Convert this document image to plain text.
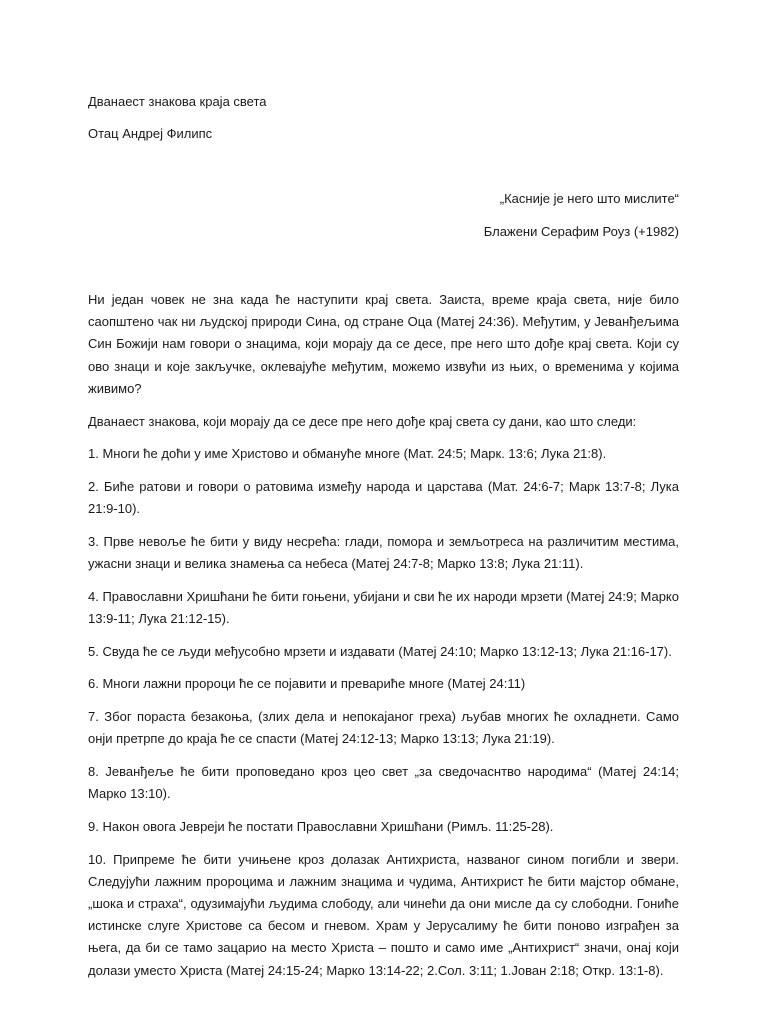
Дванаест знакова краја света
Отац Андреј Филипс
„Касније је него што мислите“
Блажени Серафим Роуз (+1982)

Ни један човек не зна када ће наступити крај света. Заиста, време краја света, није било саопштено чак ни људској природи Сина, од стране Оца (Матеј 24:36). Међутим, у Јеванђељима Син Божији нам говори о знацима, који морају да се десе, пре него што дође крај света. Који су ово знаци и које закључке, оклевајуће међутим, можемо извући из њих, о временима у којима живимо?

Дванаест знакова, који морају да се десе пре него дође крај света су дани, као што следи:

1. Многи ће доћи у име Христово и обмануће многе (Мат. 24:5; Марк. 13:6; Лука 21:8).

2. Биће ратови и говори о ратовима између народа и царстава (Мат. 24:6-7; Марк 13:7-8; Лука 21:9-10).

3. Прве невоље ће бити у виду несрећа: глади, помора и земљотреса на различитим местима, ужасни знаци и велика знамења са небеса (Матеј 24:7-8; Марко 13:8; Лука 21:11).

4. Православни Хришћани ће бити гоњени, убијани и сви ће их народи мрзети (Матеј 24:9; Марко 13:9-11; Лука 21:12-15).

5. Свуда ће се људи међусобно мрзети и издавати (Матеј 24:10; Марко 13:12-13; Лука 21:16-17).

6. Многи лажни пророци ће се појавити и превариће многе (Матеј 24:11)

7. Због пораста безакоња, (злих дела и непокајаног греха) љубав многих ће охладнети. Само онји претрпе до краја ће се спасти (Матеј 24:12-13; Марко 13:13; Лука 21:19).

8. Јеванђеље ће бити проповедано кроз цео свет „за сведочаснтво народима“ (Матеј 24:14; Марко 13:10).

9. Након овога Јевреји ће постати Православни Хришћани (Римљ. 11:25-28).

10. Припреме ће бити учињене кроз долазак Антихриста, названог сином погибли и звери. Следујући лажним пророцима и лажним знацима и чудима, Антихрист ће бити мајстор обмане, „шока и страха“, одузимајући људима слободу, али чинећи да они мисле да су слободни. Гониће истинске слуге Христове са бесом и гневом. Храм у Јерусалиму ће бити поново изграђен за њега, да би се тамо зацарио на место Христа – пошто и само име „Антихрист“ значи, онај који долази уместо Христа (Матеј 24:15-24; Марко 13:14-22; 2.Сол. 3:11; 1.Јован 2:18; Откр. 13:1-8).
